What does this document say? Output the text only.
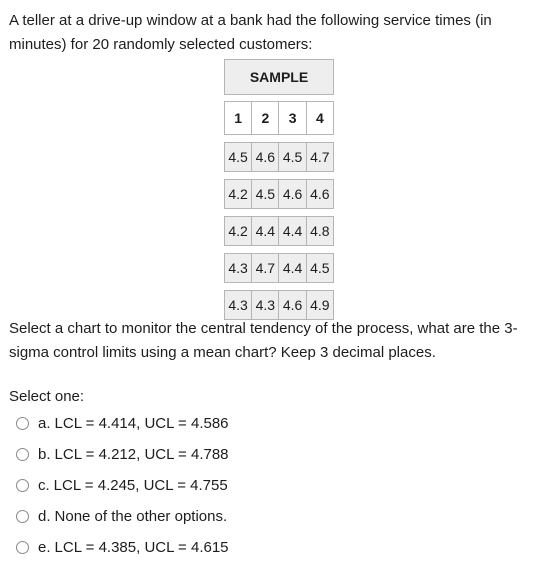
A teller at a drive-up window at a bank had the following service times (in minutes) for 20 randomly selected customers:

SAMPLE			

1	2	3	4

4.5	4.6	4.5	4.7

4.2	4.5	4.6	4.6

4.2	4.4	4.4	4.8

4.3	4.7	4.4	4.5

4.3	4.3	4.6	4.9

Select a chart to monitor the central tendency of the process, what are the 3-sigma control limits using a mean chart? Keep 3 decimal places.

Select one:
a. LCL = 4.414, UCL = 4.586
b. LCL = 4.212, UCL = 4.788
c. LCL = 4.245, UCL = 4.755
d. None of the other options.
e. LCL = 4.385, UCL = 4.615
